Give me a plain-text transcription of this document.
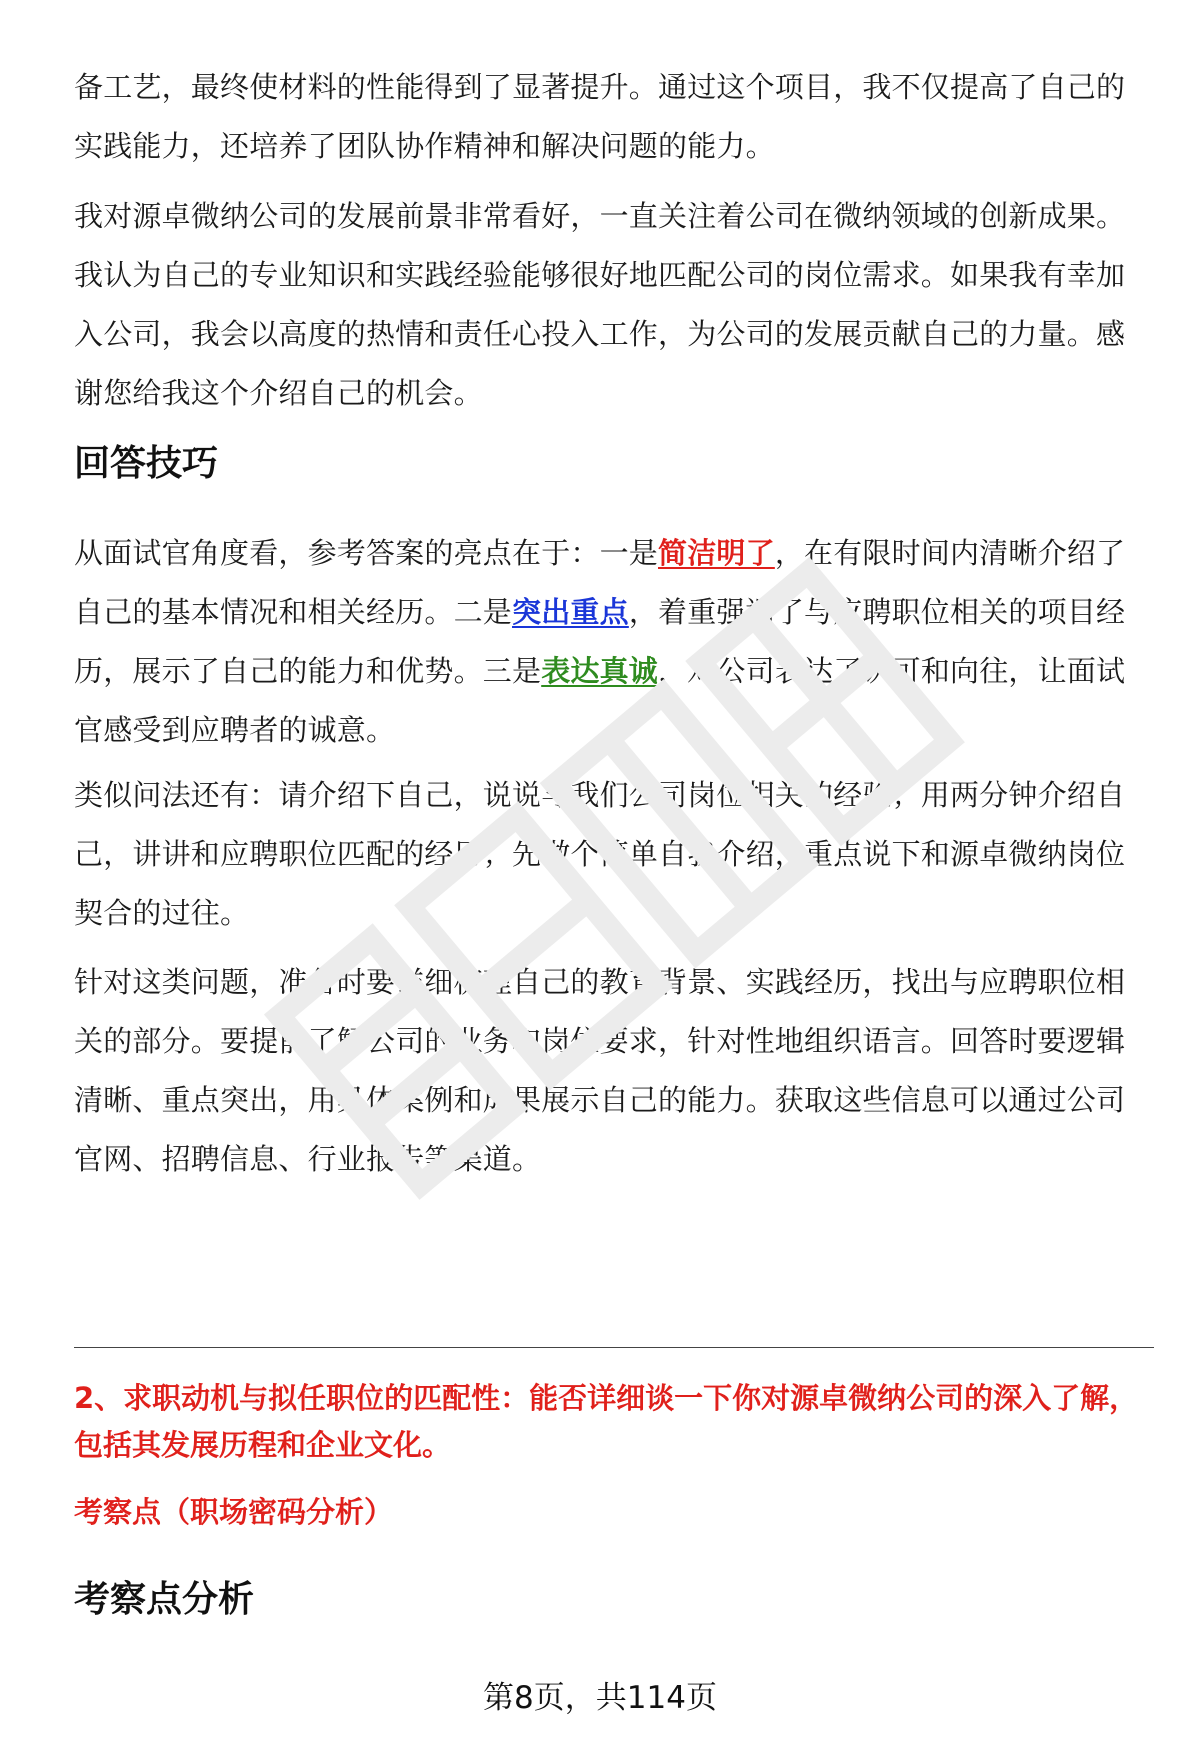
备工艺，最终使材料的性能得到了显著提升。通过这个项目，我不仅提高了自己的实践能力，还培养了团队协作精神和解决问题的能力。

我对源卓微纳公司的发展前景非常看好，一直关注着公司在微纳领域的创新成果。我认为自己的专业知识和实践经验能够很好地匹配公司的岗位需求。如果我有幸加入公司，我会以高度的热情和责任心投入工作，为公司的发展贡献自己的力量。感谢您给我这个介绍自己的机会。

回答技巧

从面试官角度看，参考答案的亮点在于：一是简洁明了，在有限时间内清晰介绍了自己的基本情况和相关经历。二是突出重点，着重强调了与应聘职位相关的项目经历，展示了自己的能力和优势。三是表达真诚，对公司表达了认可和向往，让面试官感受到应聘者的诚意。

类似问法还有：请介绍下自己，说说与我们公司岗位相关的经验；用两分钟介绍自己，讲讲和应聘职位匹配的经历；先做个简单自我介绍，重点说下和源卓微纳岗位契合的过往。

针对这类问题，准备时要详细梳理自己的教育背景、实践经历，找出与应聘职位相关的部分。要提前了解公司的业务和岗位要求，针对性地组织语言。回答时要逻辑清晰、重点突出，用具体案例和成果展示自己的能力。获取这些信息可以通过公司官网、招聘信息、行业报告等渠道。

2、求职动机与拟任职位的匹配性：能否详细谈一下你对源卓微纳公司的深入了解，包括其发展历程和企业文化。

考察点（职场密码分析）

考察点分析
第8页，共114页
